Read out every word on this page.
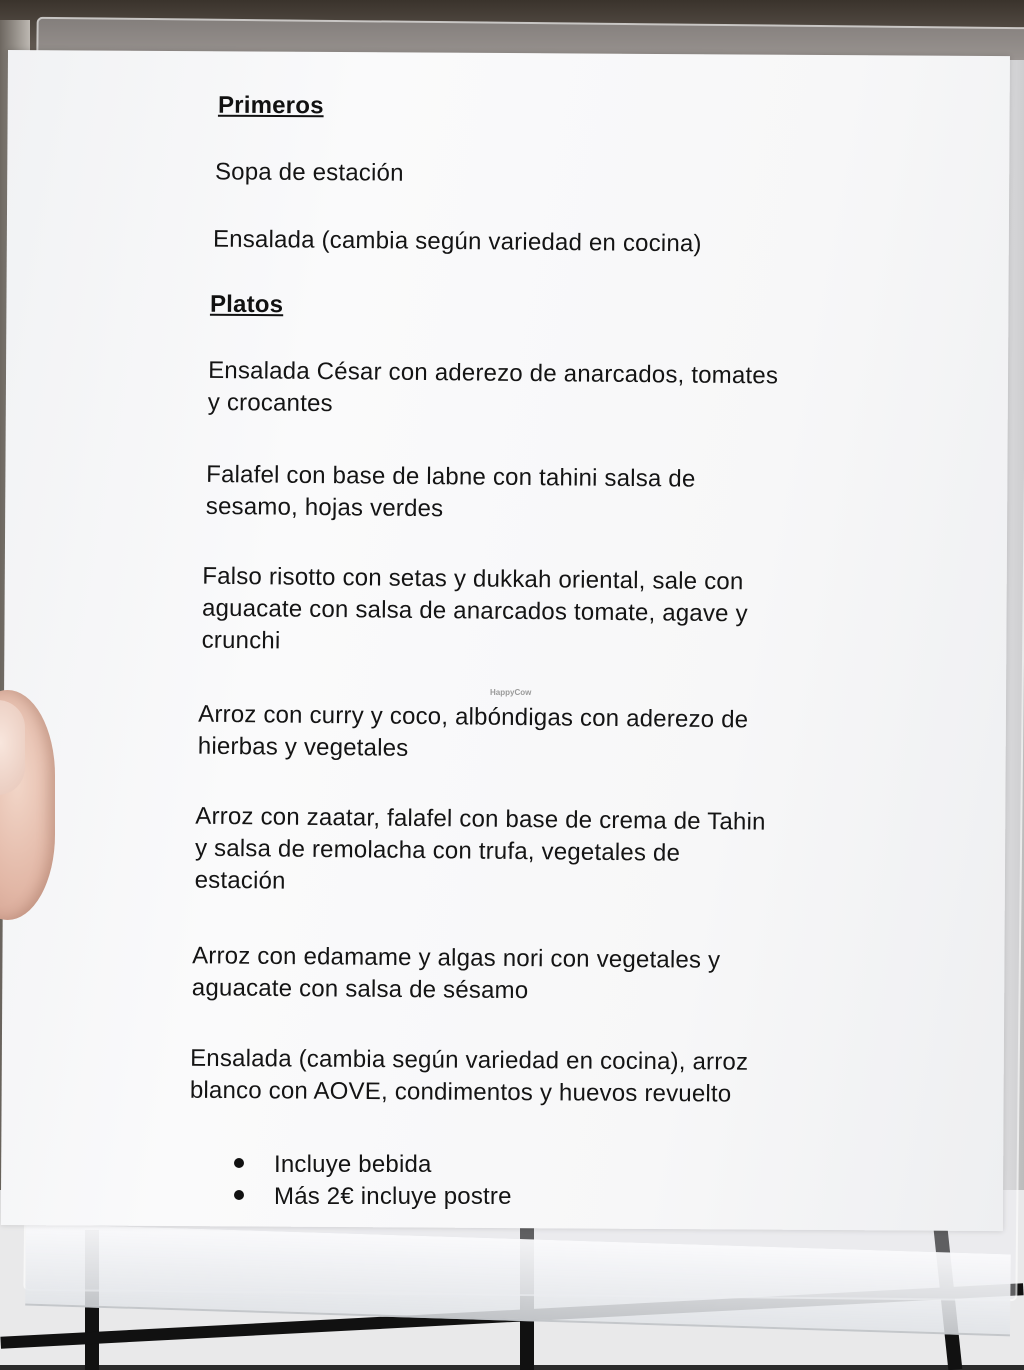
Primeros
Sopa de estación
Ensalada (cambia según variedad en cocina)
Platos
Ensalada César con aderezo de anarcados, tomates
y crocantes
Falafel con base de labne con tahini salsa de
sesamo, hojas verdes
Falso risotto con setas y dukkah oriental, sale con
aguacate con salsa de anarcados tomate, agave y
crunchi
HappyCow
Arroz con curry y coco, albóndigas con aderezo de
hierbas y vegetales
Arroz con zaatar, falafel con base de crema de Tahin
y salsa de remolacha con trufa, vegetales de
estación
Arroz con edamame y algas nori con vegetales y
aguacate con salsa de sésamo
Ensalada (cambia según variedad en cocina), arroz
blanco con AOVE, condimentos y huevos revuelto
Incluye bebida
Más 2€ incluye postre
